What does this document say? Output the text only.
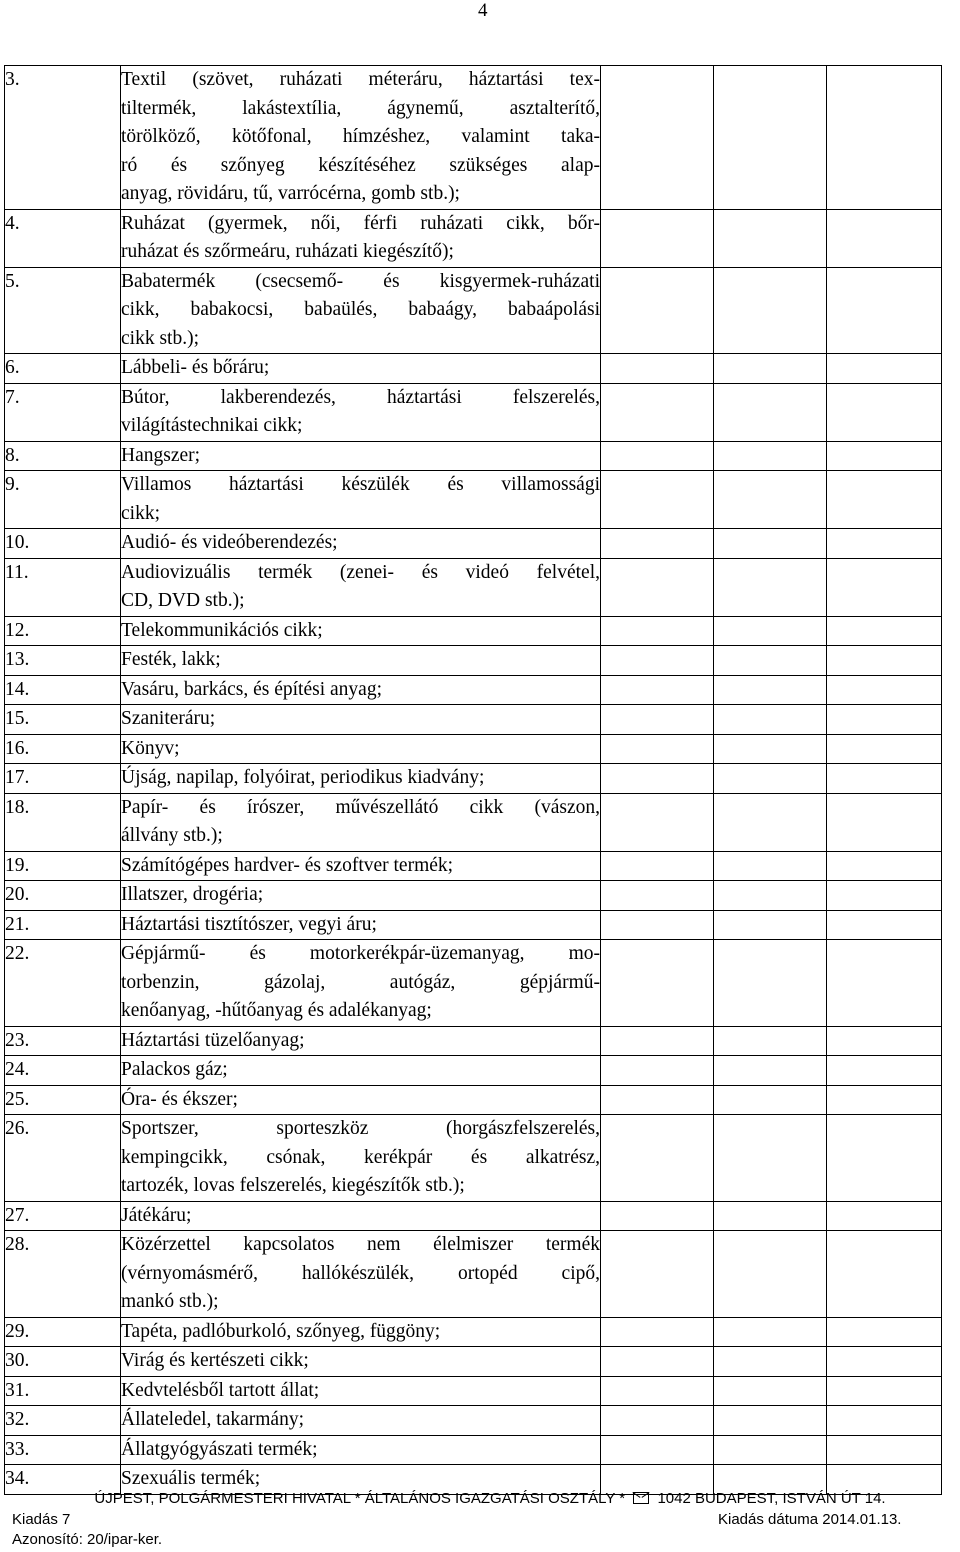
4
3.	Textil (szövet, ruházati méteráru, háztartási tex-
tiltermék, lakástextília, ágynemű, asztalterítő,
törölköző, kötőfonal, hímzéshez, valamint taka-
ró és szőnyeg készítéséhez szükséges alap-
anyag, rövidáru, tű, varrócérna, gomb stb.);			

4.	Ruházat (gyermek, női, férfi ruházati cikk, bőr-
ruházat és szőrmeáru, ruházati kiegészítő);			

5.	Babatermék (csecsemő- és kisgyermek-ruházati
cikk, babakocsi, babaülés, babaágy, babaápolási
cikk stb.);			

6.	Lábbeli- és bőráru;			

7.	Bútor, lakberendezés, háztartási felszerelés,
világítástechnikai cikk;			

8.	Hangszer;			

9.	Villamos háztartási készülék és villamossági
cikk;			

10.	Audió- és videóberendezés;			

11.	Audiovizuális termék (zenei- és videó felvétel,
CD, DVD stb.);			

12.	Telekommunikációs cikk;			

13.	Festék, lakk;			

14.	Vasáru, barkács, és építési anyag;			

15.	Szaniteráru;			

16.	Könyv;			

17.	Újság, napilap, folyóirat, periodikus kiadvány;			

18.	Papír- és írószer, művészellátó cikk (vászon,
állvány stb.);			

19.	Számítógépes hardver- és szoftver termék;			

20.	Illatszer, drogéria;			

21.	Háztartási tisztítószer, vegyi áru;			

22.	Gépjármű- és motorkerékpár-üzemanyag, mo-
torbenzin, gázolaj, autógáz, gépjármű-
kenőanyag, -hűtőanyag és adalékanyag;			

23.	Háztartási tüzelőanyag;			

24.	Palackos gáz;			

25.	Óra- és ékszer;			

26.	Sportszer, sporteszköz (horgászfelszerelés,
kempingcikk, csónak, kerékpár és alkatrész,
tartozék, lovas felszerelés, kiegészítők stb.);			

27.	Játékáru;			

28.	Közérzettel kapcsolatos nem élelmiszer termék
(vérnyomásmérő, hallókészülék, ortopéd cipő,
mankó stb.);			

29.	Tapéta, padlóburkoló, szőnyeg, függöny;			

30.	Virág és kertészeti cikk;			

31.	Kedvtelésből tartott állat;			

32.	Állateledel, takarmány;			

33.	Állatgyógyászati termék;			

34.	Szexuális termék;			

ÚJPEST, POLGÁRMESTERI HIVATAL * ÁLTALÁNOS IGAZGATÁSI OSZTÁLY * 1042 BUDAPEST, ISTVÁN ÚT 14.
Kiadás 7	Kiadás dátuma 2014.01.13.
Azonosító: 20/ipar-ker.
